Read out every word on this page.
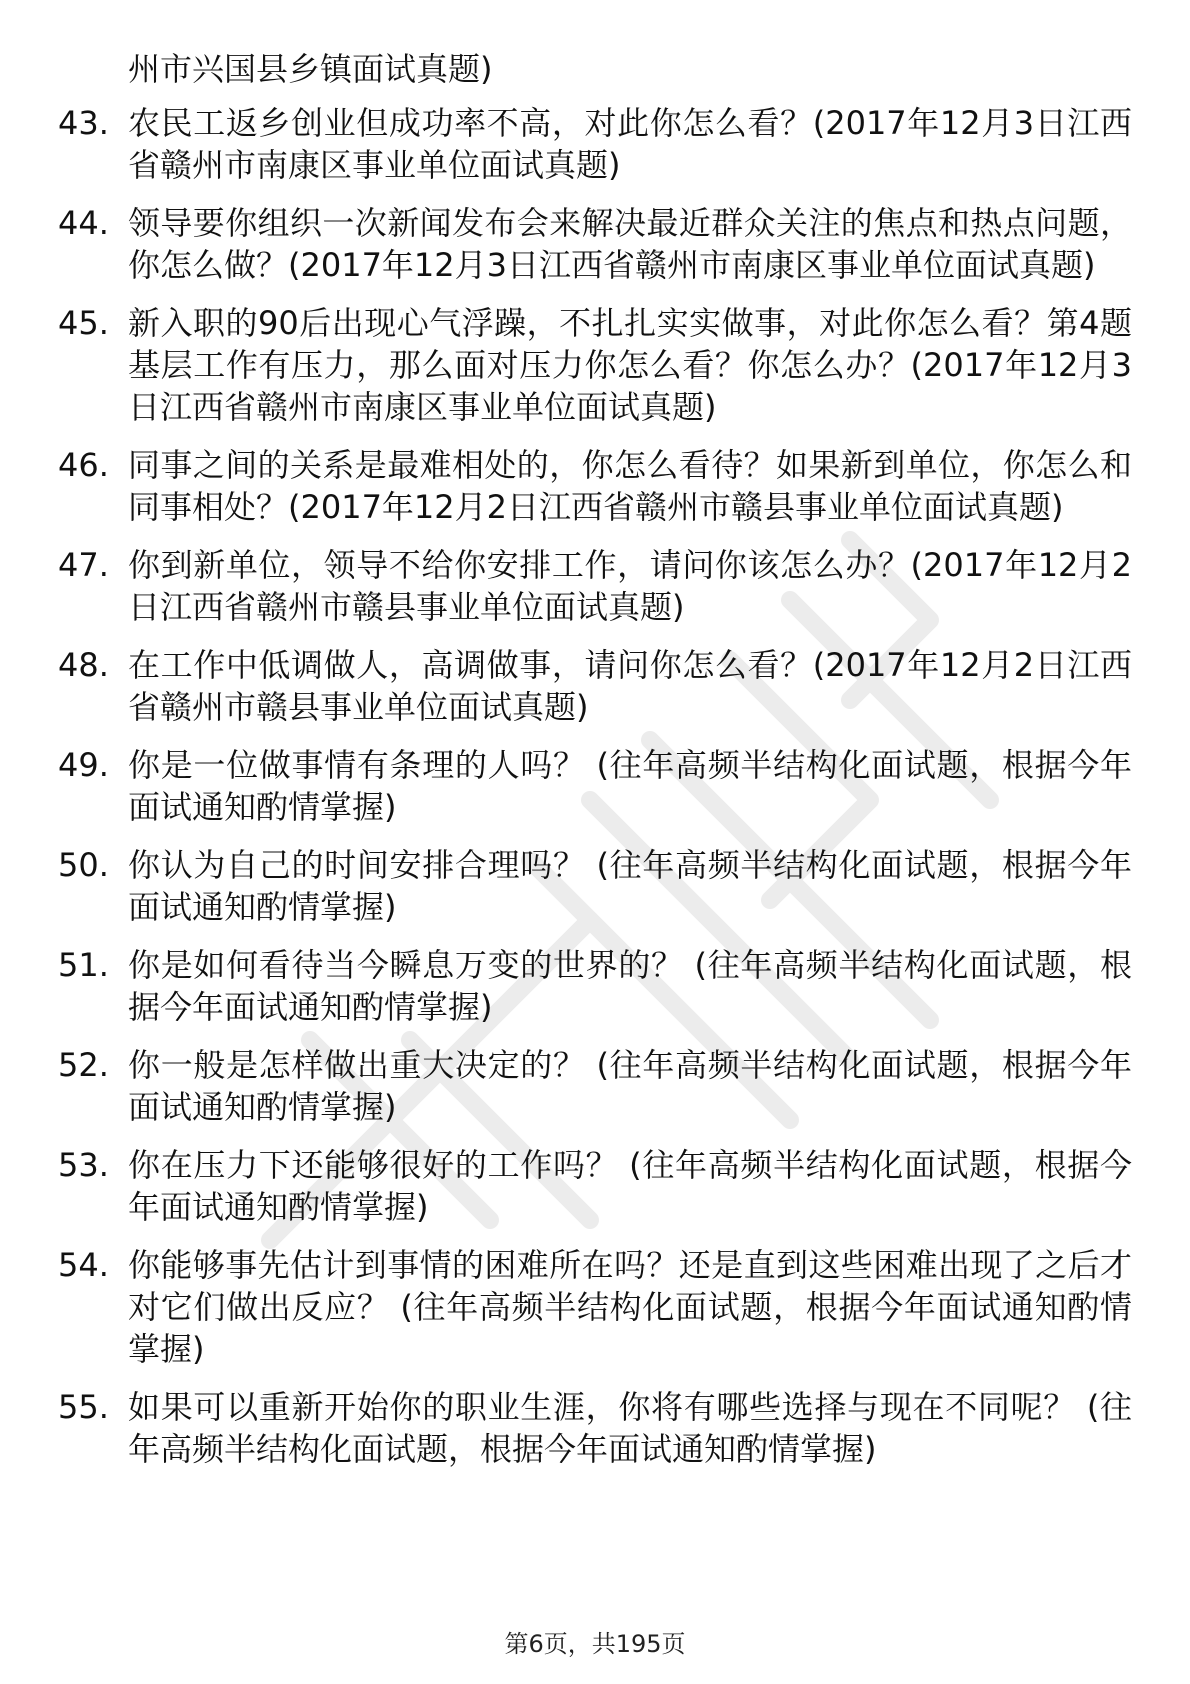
州市兴国县乡镇面试真题)
43. 农民工返乡创业但成功率不高，对此你怎么看？(2017年12月3日江西省赣州市南康区事业单位面试真题)
44. 领导要你组织一次新闻发布会来解决最近群众关注的焦点和热点问题，你怎么做？(2017年12月3日江西省赣州市南康区事业单位面试真题)
45. 新入职的90后出现心气浮躁，不扎扎实实做事，对此你怎么看？第4题基层工作有压力，那么面对压力你怎么看？你怎么办？(2017年12月3日江西省赣州市南康区事业单位面试真题)
46. 同事之间的关系是最难相处的，你怎么看待？如果新到单位，你怎么和同事相处？(2017年12月2日江西省赣州市赣县事业单位面试真题)
47. 你到新单位，领导不给你安排工作，请问你该怎么办？(2017年12月2日江西省赣州市赣县事业单位面试真题)
48. 在工作中低调做人，高调做事，请问你怎么看？(2017年12月2日江西省赣州市赣县事业单位面试真题)
49. 你是一位做事情有条理的人吗？ (往年高频半结构化面试题，根据今年面试通知酌情掌握)
50. 你认为自己的时间安排合理吗？ (往年高频半结构化面试题，根据今年面试通知酌情掌握)
51. 你是如何看待当今瞬息万变的世界的？ (往年高频半结构化面试题，根据今年面试通知酌情掌握)
52. 你一般是怎样做出重大决定的？ (往年高频半结构化面试题，根据今年面试通知酌情掌握)
53. 你在压力下还能够很好的工作吗？ (往年高频半结构化面试题，根据今年面试通知酌情掌握)
54. 你能够事先估计到事情的困难所在吗？还是直到这些困难出现了之后才对它们做出反应？ (往年高频半结构化面试题，根据今年面试通知酌情掌握)
55. 如果可以重新开始你的职业生涯，你将有哪些选择与现在不同呢？ (往年高频半结构化面试题，根据今年面试通知酌情掌握)
第6页，共195页
